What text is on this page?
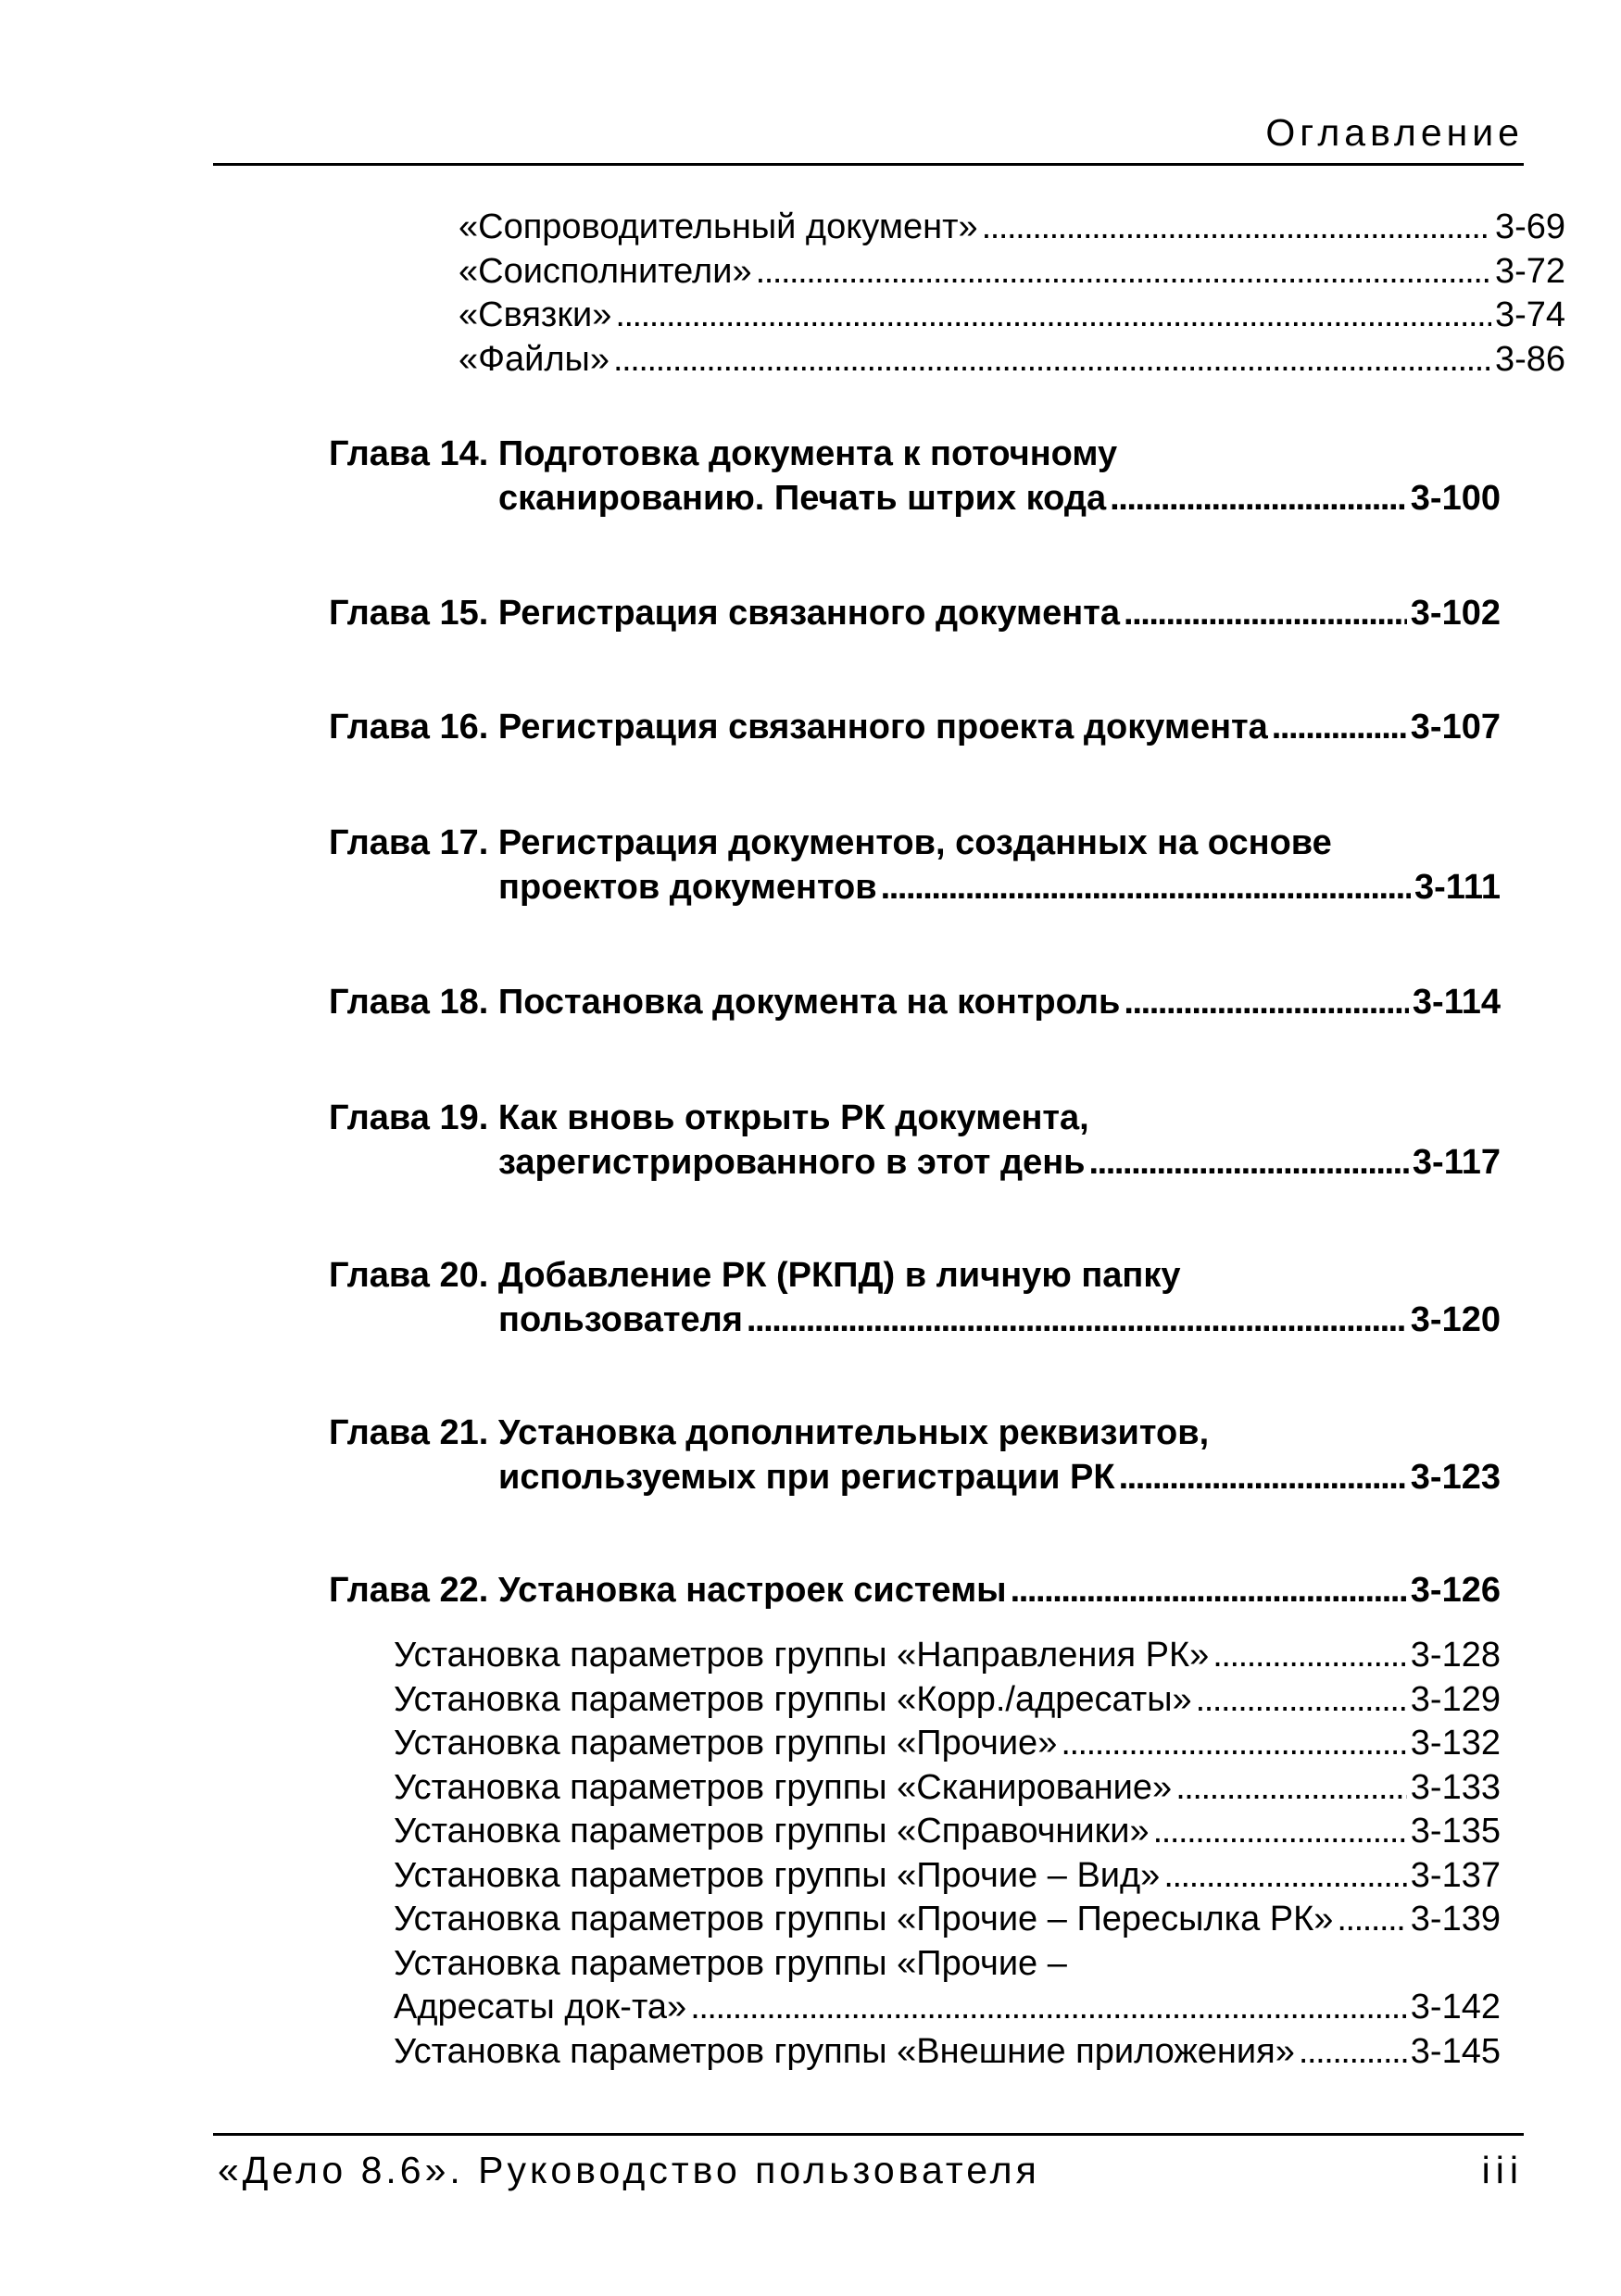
Оглавление
«Сопроводительный документ» . . .	3-69
«Соисполнители» . . .	3-72
«Связки» . . .	3-74
«Файлы» . . .	3-86
Глава 14. Подготовка документа к поточному
сканированию. Печать штрих кода . . .	3-100
Глава 15. Регистрация связанного документа . . .	3-102
Глава 16. Регистрация связанного проекта документа . . .	3-107
Глава 17. Регистрация документов, созданных на основе
проектов документов . . .	3-111
Глава 18. Постановка документа на контроль . . .	3-114
Глава 19. Как вновь открыть РК документа,
зарегистрированного в этот день . . .	3-117
Глава 20. Добавление РК (РКПД) в личную папку
пользователя . . .	3-120
Глава 21. Установка дополнительных реквизитов,
используемых при регистрации РК . . .	3-123
Глава 22. Установка настроек системы . . .	3-126
Установка параметров группы «Направления РК» . . .	3-128
Установка параметров группы «Корр./адресаты» . . .	3-129
Установка параметров группы «Прочие» . . .	3-132
Установка параметров группы «Сканирование» . . .	3-133
Установка параметров группы «Справочники» . . .	3-135
Установка параметров группы «Прочие – Вид» . . .	3-137
Установка параметров группы «Прочие – Пересылка РК» . . . 3-139
Установка параметров группы «Прочие –
Адресаты док-та» . . .	3-142
Установка параметров группы «Внешние приложения» . . .	3-145
«Дело 8.6». Руководство пользователя	iii
